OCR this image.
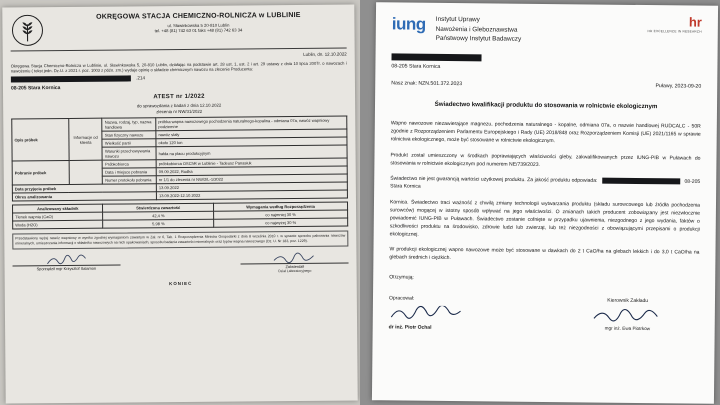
OKRĘGOWA STACJA CHEMICZNO-ROLNICZA w LUBLINIE
ul. Sławinkowska 5 20-810 Lublin
tel. +48 (81) 742 63 01 faks +48 (81) 742 63 34
Lublin, dn. 12.10.2022
Okręgowa Stacja Chemiczno-Rolnicza w Lublinie, ul. Sławinkowska 5, 20-810 Lublin, działając na podstawie art. 28 ust. 1, ust. 2 i art. 29 ustawy z dnia 10 lipca 2007r. o nawozach i nawożeniu ( tekst jedn. Dz.U. z 2021 r. poz. 1003 z późn. zm.) wydaje opinię o składzie chemicznym nawozu na zlecenie Producenta:
.214
08-205 Stara Kornica
ATEST nr 1/2022
do sprawozdania z badań z dnia 12.10.2022
zlecenia nr NW/31/2022
Opis próbek	Informacje od klienta	Nazwa, rodzaj, typ, nazwa handlowa	próbka wapna nawozowego pochodzenia naturalnego-kopalina - odmiana 07a, nawóz wapniowy podziemne
		Stan fizyczny nawozu	nawóz stały
		Wielkość partii	około 120 ton
		Warunki przechowywania nawozu	hałda na placu produkcyjnym
Pobranie próbek		Próbkobiorca	próbkobiorca OSChR w Lublinie - Tadeusz Panasiuk
		Data i miejsce pobrania	09.09.2022, Rudka
		Numer protokołu pobrania	nr 1/1 do zlecenia nr NW/2/L-1/2022
Data przyjęcia próbek			13.09.2022
Okres analizowania			13.09.2022-12.10.2022
Analizowany składnik	Stwierdzona zawartość	Wymagania według Rozporządzenia
Tlenek wapnia (CaO)	42,4 %	co najmniej 30 %
Woda (H2O)	5,98 %	co najwyżej 30 %
Przedstawiony wyżej nawóz wapniowy w wyniku zgodnej wymaganiom zawartym w Zał. nr 6, Tab. 1 Rozporządzenia Ministra Gospodarki z dnia 8 września 2010 r. w sprawie sposobu pakowania nawozów mineralnych, umieszczania informacji o składniku nawozowych na nich opakowaniach, sposobu badania zawartości mineralnych oraz typów wapna nawozowego (Dz. U. Nr 183, poz. 1229).
Sporządził mgr Krzysztof Salamon	Zatwierdził
Dział Laboratoryjnego
KONIEC
iung Instytut Uprawy
Nawożenia i Gleboznawstwa
Państwowy Instytut Badawczy
hr
HR EXCELLENCE IN RESEARCH
08-205 Stara Kornica
Nasz znak: NZN.501.372.2023	Puławy, 2023-09-20
Świadectwo kwalifikacji produktu do stosowania w rolnictwie ekologicznym
Wapno nawozowe niezawierające magnezu, pochodzenia naturalnego - kopalne, odmiana 07a, o nazwie handlowej RUDCALC - 50R zgodnie z Rozporządzeniem Parlamentu Europejskiego i Rady (UE) 2018/848 oraz Rozporządzeniem Komisji (UE) 2021/1165 w sprawie rolnictwa ekologicznego, może być stosowane w rolnictwie ekologicznym.
Produkt został umieszczony w środkach poprawiających właściwości gleby, zakwalifikowanych przez IUNG-PIB w Puławach do stosowania w rolnictwie ekologicznym pod numerem NE/739/2023.
Świadectwo nie jest gwarancją wartości użytkowej produktu. Za jakość produktu odpowiada:	08-205 Stara Kornica
Kornica. Świadectwo traci ważność z chwilą zmiany technologii wytwarzania produktu (składu surowcowego lub źródła pochodzenia surowców) mogącej w istotny sposób wpływać na jego właściwości. O zmianach takich producent zobowiązany jest niezwłocznie powiadomić IUNG-PIB w Puławach. Świadectwo zostanie cofnięte w przypadku ujawnienia, niezgodnego z jego wydania, faktów o szkodliwości produktu na środowisko, zdrowie ludzi lub zwierząt, lub też niezgodności z obowiązującymi przepisami o produkcji ekologicznej.
W produkcji ekologicznej wapno nawozowe może być stosowane w dawkach do 2 t CaO/ha na glebach lekkich i do 3,0 t CaO/ha na glebach średnich i ciężkich.
Otrzymują:
Opracował:
dr inż. Piotr Ochal
Kierownik Zakładu
mgr inż. Ewa Piotrkow
